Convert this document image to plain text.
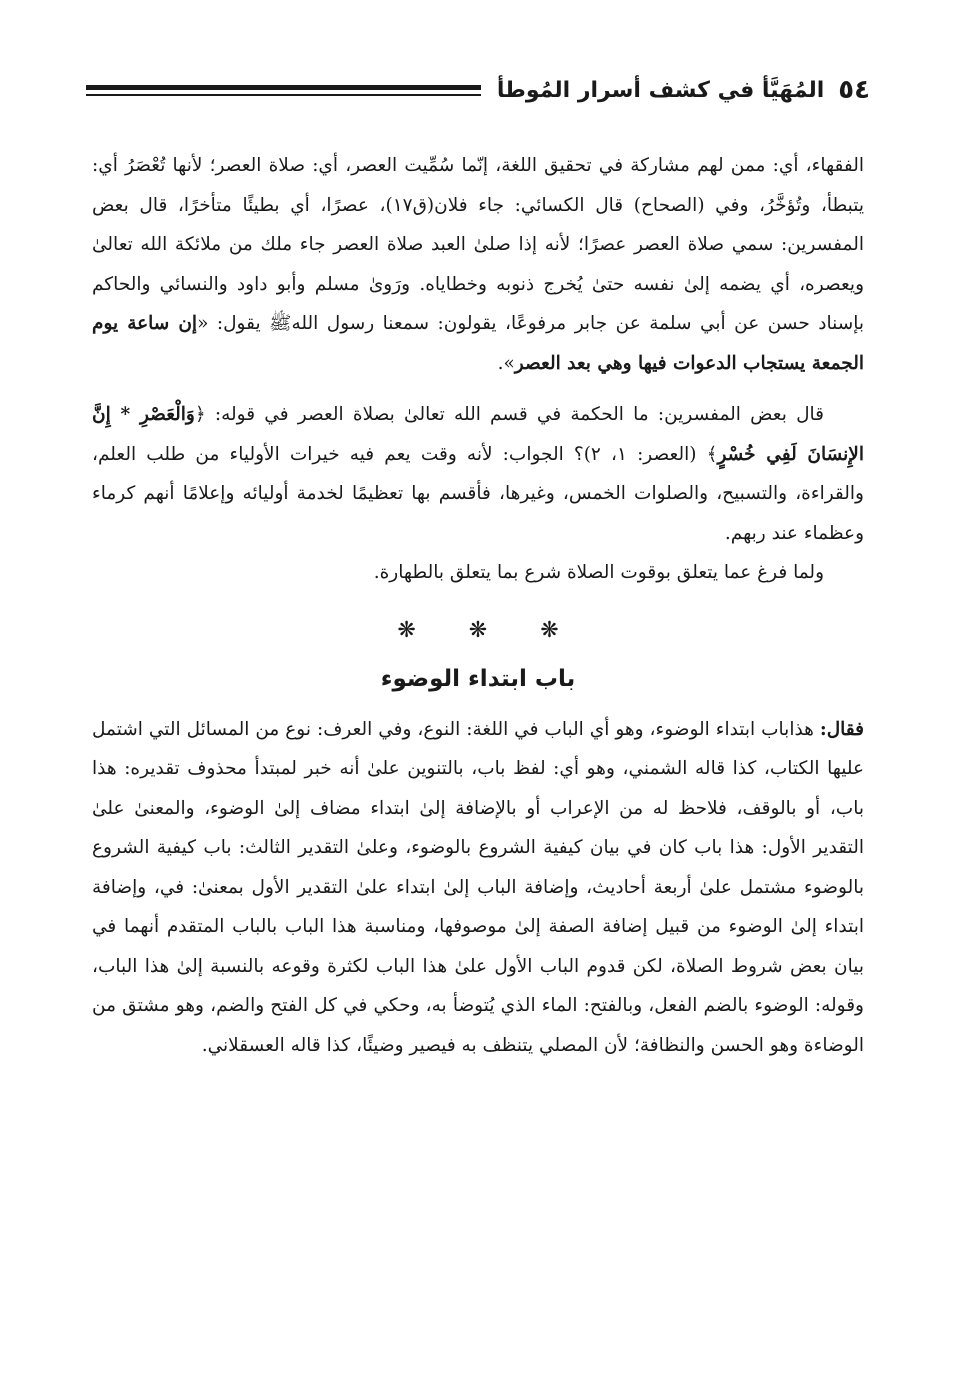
٥٤
المُهَيَّأ في كشف أسرار المُوطأ

الفقهاء، أي: ممن لهم مشاركة في تحقيق اللغة، إنّما سُمِّيت العصر، أي: صلاة العصر؛ لأنها تُعْصَرُ أي: يتبطأ، وتُؤخَّرُ، وفي (الصحاح) قال الكسائي: جاء فلان(ق١٧)، عصرًا، أي بطيئًا متأخرًا، قال بعض المفسرين: سمي صلاة العصر عصرًا؛ لأنه إذا صلىٰ العبد صلاة العصر جاء ملك من ملائكة الله تعالىٰ ويعصره، أي يضمه إلىٰ نفسه حتىٰ يُخرج ذنوبه وخطاياه. ورَوىٰ مسلم وأبو داود والنسائي والحاكم بإسناد حسن عن أبي سلمة عن جابر مرفوعًا، يقولون: سمعنا رسول اللهﷺ يقول: «إن ساعة يوم الجمعة يستجاب الدعوات فيها وهي بعد العصر».

قال بعض المفسرين: ما الحكمة في قسم الله تعالىٰ بصلاة العصر في قوله: ﴿وَالْعَصْرِ * إِنَّ الإِنسَانَ لَفِي خُسْرٍ﴾ (العصر: ١، ٢)؟ الجواب: لأنه وقت يعم فيه خيرات الأولياء من طلب العلم، والقراءة، والتسبيح، والصلوات الخمس، وغيرها، فأقسم بها تعظيمًا لخدمة أوليائه وإعلامًا أنهم كرماء وعظماء عند ربهم.

ولما فرغ عما يتعلق بوقوت الصلاة شرع بما يتعلق بالطهارة.

❋ ❋ ❋
باب ابتداء الوضوء

فقال: هذاباب ابتداء الوضوء، وهو أي الباب في اللغة: النوع، وفي العرف: نوع من المسائل التي اشتمل عليها الكتاب، كذا قاله الشمني، وهو أي: لفظ باب، بالتنوين علىٰ أنه خبر لمبتدأ محذوف تقديره: هذا باب، أو بالوقف، فلاحظ له من الإعراب أو بالإضافة إلىٰ ابتداء مضاف إلىٰ الوضوء، والمعنىٰ علىٰ التقدير الأول: هذا باب كان في بيان كيفية الشروع بالوضوء، وعلىٰ التقدير الثالث: باب كيفية الشروع بالوضوء مشتمل علىٰ أربعة أحاديث، وإضافة الباب إلىٰ ابتداء علىٰ التقدير الأول بمعنىٰ: في، وإضافة ابتداء إلىٰ الوضوء من قبيل إضافة الصفة إلىٰ موصوفها، ومناسبة هذا الباب بالباب المتقدم أنهما في بيان بعض شروط الصلاة، لكن قدوم الباب الأول علىٰ هذا الباب لكثرة وقوعه بالنسبة إلىٰ هذا الباب، وقوله: الوضوء بالضم الفعل، وبالفتح: الماء الذي يُتوضأ به، وحكي في كل الفتح والضم، وهو مشتق من الوضاءة وهو الحسن والنظافة؛ لأن المصلي يتنظف به فيصير وضيئًا، كذا قاله العسقلاني.
